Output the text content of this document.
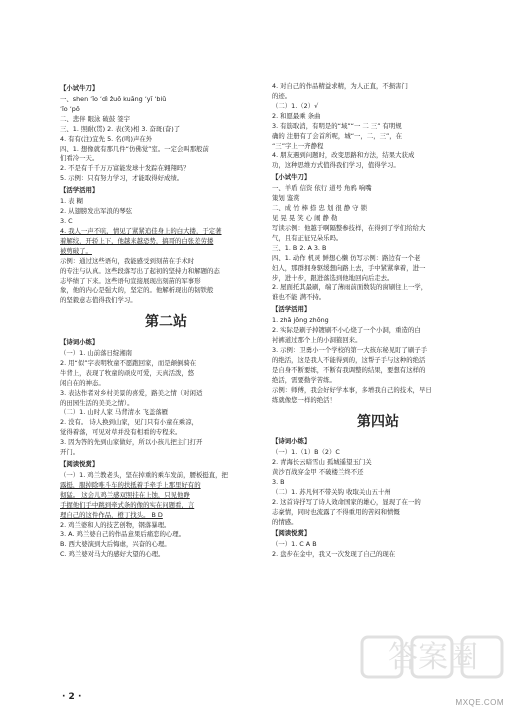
【小试牛刀】
一、shen ʼǐo ʼdì ẑuō kuāng ʼyī ʼbiǔ
ʼǐo ʼpǒ
二、悲伴 眼泳 破鼓 签宇
三、1. 照耐(贯) 2. 表(笑)相 3. 奋斑(奋)了
4. 有有(注)宜先 5. 名(鸣)声在外
四、1. 想像就有那几件“仿佛觉”室。一定会叫那般前
们看冷一天。
2. 不是有千千万万富能发球十发踪在翱翔吗？
5. 示例：只有努力学习，才能取得好成绩。
【活学活用】
1. 表 糊
2. 从翅膀发出军浪的琴弦
3. C
4. 我人一声不吭，情见了紧紧追佳身上的白大搂，于定著
着解绞，开轿上下，他越来越恐势，搞哥的白张差劳搂
被剪破了。
示例：通过这些语句，我能感受到刻苗在手术时
的专注与认真。这些段落写出了起初的坚持力和解题的态
志毕绩了下来。这些语句宣接展现出刻苗的军事形
象，他的内心是强大的，坚定的。他解析现出的韧铁般
的坚毅意志值得我们学习。
第二站
【诗词小练】
（一）1. 山前落日绽湘南
2. 用“似”字表明牧童不愿跑回家，而是颠倒骑在
牛背上，表现了牧童的顽皮可爱，天真活泼，悠
闲自在的神态。
3. 表达作者对乡村美景的喜爱，路美之情（对闲适
的田园生活的美美之情）。
（二）1. 山时人家 马背清水 飞盖落雁
2. 没有。 诗人换到山家，见门只有小童在乘凉，
觉得着落，可见对草并没有相看的专程来。
3. 因为答的先到山家做好，所以小孩儿把主门打开
开门。
【阅读悦赏】
（一）1. 鸡兰教老头，坚在掉重的乘车发前，腰板挺直，把
露挺，服掉除唯斗车的扶抵着手牵手上那里好有的
彻猛。 这会儿鸡兰感双照挂在上蚀，只见他睁
手握他们手中跳到牵式条的像的实在问题看，言
理自己的这件作品，橙丁找头。 B D
2. 鸡兰婆和人的技艺创物，钢落暴理。
3. A. 鸡兰婆自己的作品意果后痛恋的心理。
B. 西大婆演到大后悔虐，兴奋的心理。
C. 鸡兰婆对马大的感好大望的心理。
4. 对自己的作品精益求精，为人正直，不损害门
的迹。
（二）1.（2）√
2. 和愿最乘 条曲
3. 有筋取消，有明是的“域”“一 二 三” 有明规
确的 注册有了会首所呢，城“一，二，三”，在
“三”字上一齐静程
4. 朋友遇到问题时，改变思路和方法，结果大获成
功，这种思维方式值得我们学习，值得学习。
【小试牛刀】
一、羊盾 信资 依行 道号 角鸦 响嘴
策划 鉴赏
二、成 竹 棒 捺 忠 划 很 静 守 锁
见 晃 晃 笑 心 闹 静 勒
写读示例：他越于啊隔整参技样，在得到了学们给给大
气，且有正征兄朵乐吗。
三、1. B 2. A 3. B
四、1. 动作 机灵 鲜想心懒 仿写示例：路边有一个老
妇人，那群拥身驱缓想向路上去，手中紧紧拿着，进一
步，进十步，跟进落选到他地回向后走去。
2. 屋面托其最刷，端了薄雨前面数装的窗刷往上一学，
谁也不能 满不持。
【活学活用】
1. zhǎ jǒng zhōng
2. 实际是刷子掉镀刷不小心烧了一个小洞，重造的白
衬裤道过那个上的小洞箍回来。
3. 示例：卫勇小一个学校的第一大孩东秘见盯了刷子手
的绝活，这是我人不能得到的，这帮子手与这种的绝活
是自身不断要练，不断有我调整的结果，要想有这样的
绝活，需要勤学苦练。
示例：师傅，我会好好学本事，多增我自己的技术，早日
练就像您一样的绝活！
第四站
【诗词小练】
（一）1.（1）B（2）C
2. 青海长云暗雪山 孤城遥望玉门关
黄沙百战穿金甲 不破楼兰终不还
3. B
（二）1. 苏凡何不带关钩 收取关山五十州
2. 这首诗抒写了诗人效命国家的雄心，显现了在一的
志豪情，同时也流露了不得重用的苦闷和愤慨
的情感。
【阅读悦赏】
（一）1. C A B
2. 盘步在金中，我又一次发现了自己的现在
· 2 ·
答案圈
MXQE.COM
